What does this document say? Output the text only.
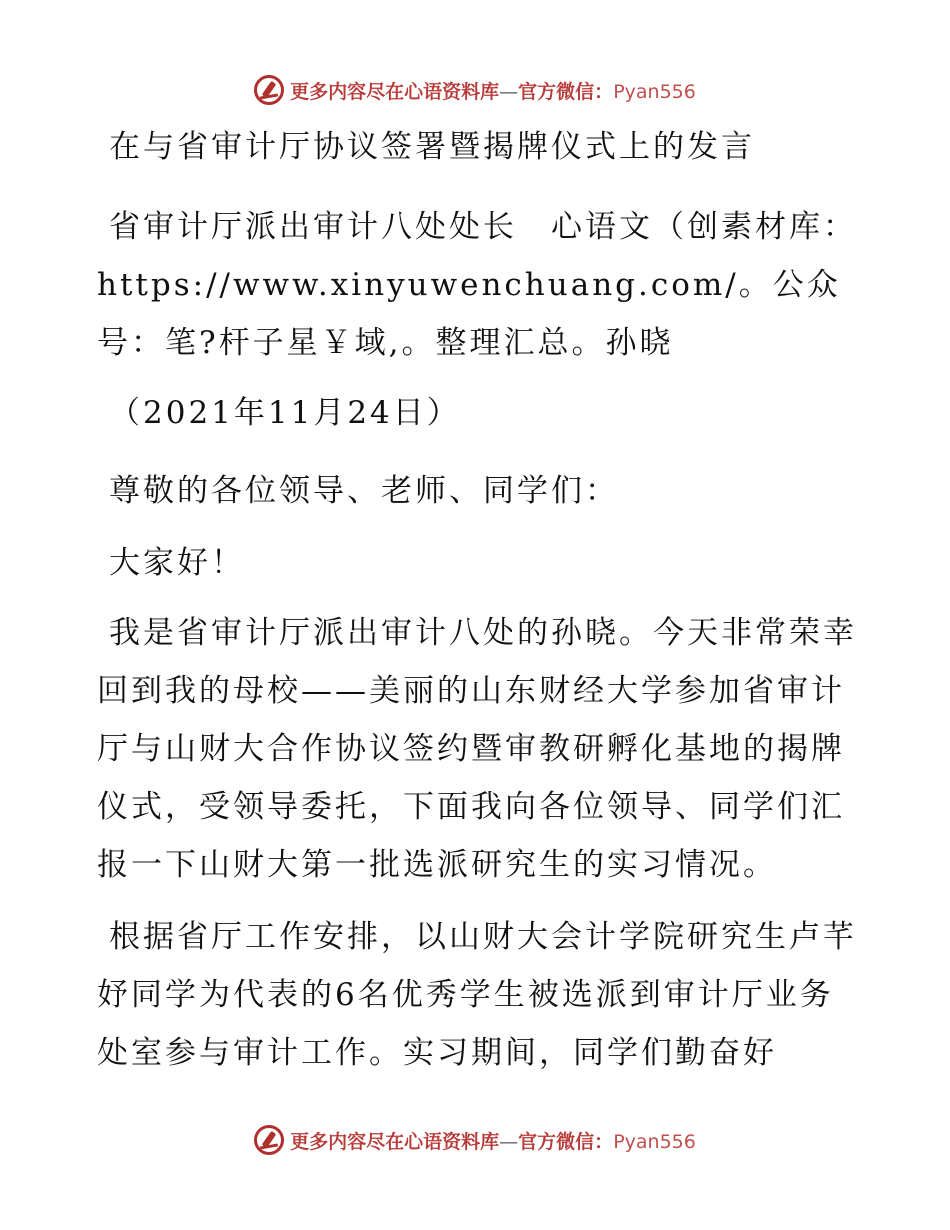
更多内容尽在心语资料库—官方微信：Pyan556

在与省审计厅协议签署暨揭牌仪式上的发言

省审计厅派出审计八处处长　心语文（创素材库：https://www.xinyuwenchuang.com/。公众号：笔?杆子星￥域,。整理汇总。孙晓

（2021年11月24日）

尊敬的各位领导、老师、同学们：

大家好！

我是省审计厅派出审计八处的孙晓。今天非常荣幸回到我的母校——美丽的山东财经大学参加省审计厅与山财大合作协议签约暨审教研孵化基地的揭牌仪式，受领导委托，下面我向各位领导、同学们汇报一下山财大第一批选派研究生的实习情况。

根据省厅工作安排，以山财大会计学院研究生卢芊妤同学为代表的6名优秀学生被选派到审计厅业务处室参与审计工作。实习期间，同学们勤奋好

更多内容尽在心语资料库—官方微信：Pyan556
